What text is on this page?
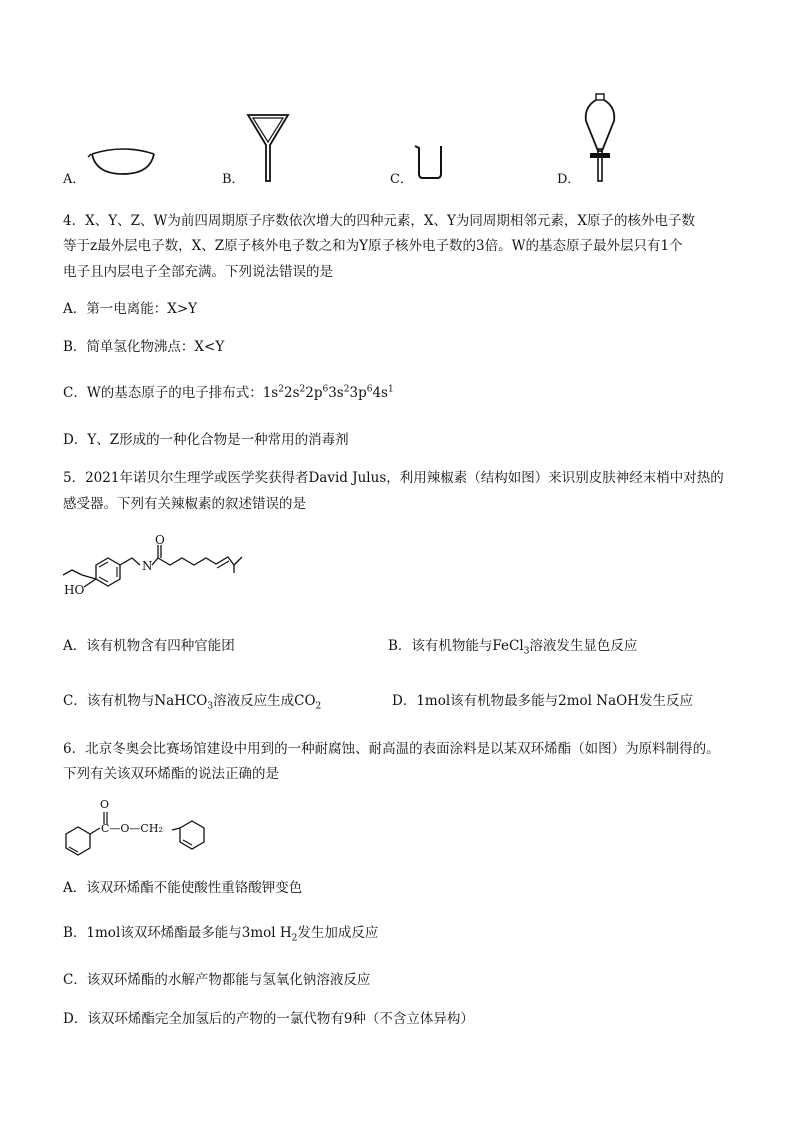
A．	B．	C．	D．
4．X、Y、Z、W为前四周期原子序数依次增大的四种元素，X、Y为同周期相邻元素，X原子的核外电子数
等于z最外层电子数，X、Z原子核外电子数之和为Y原子核外电子数的3倍。W的基态原子最外层只有1个
电子且内层电子全部充满。下列说法错误的是
A．第一电离能：X>Y
B．简单氢化物沸点：X<Y
C．W的基态原子的电子排布式：$1s^22s^22p^63s^23p^64s^1$
D．Y、Z形成的一种化合物是一种常用的消毒剂
5．2021年诺贝尔生理学或医学奖获得者David Julus，利用辣椒素（结构如图）来识别皮肤神经末梢中对热的
感受器。下列有关辣椒素的叙述错误的是
N
O
HO
A．该有机物含有四种官能团	B．该有机物能与FeCl$_3$溶液发生显色反应
C．该有机物与NaHCO$_3$溶液反应生成$CO_2$	D．1mol该有机物最多能与2mol NaOH发生反应
6．北京冬奥会比赛场馆建设中用到的一种耐腐蚀、耐高温的表面涂料是以某双环烯酯（如图）为原料制得的。
下列有关该双环烯酯的说法正确的是
O
C—O—CH₂
A．该双环烯酯不能使酸性重铬酸钾变色
B．1mol该双环烯酯最多能与3mol $H_2$发生加成反应
C．该双环烯酯的水解产物都能与氢氧化钠溶液反应
D．该双环烯酯完全加氢后的产物的一氯代物有9种（不含立体异构）
